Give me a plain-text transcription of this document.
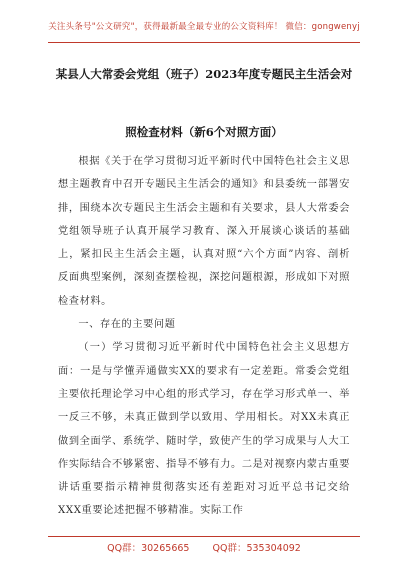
关注头条号"公文研究"，获得最新最全最专业的公文资料库！ 微信：gongwenyj
某县人大常委会党组（班子）2023年度专题民主生活会对
照检查材料（新6个对照方面）

根据《关于在学习贯彻习近平新时代中国特色社会主义思想主题教育中召开专题民主生活会的通知》和县委统一部署安排，围绕本次专题民主生活会主题和有关要求，县人大常委会党组领导班子认真开展学习教育、深入开展谈心谈话的基础上，紧扣民主生活会主题，认真对照“六个方面”内容、剖析反面典型案例，深刻查摆检视，深挖问题根源，形成如下对照检查材料。

一、存在的主要问题

（一）学习贯彻习近平新时代中国特色社会主义思想方面：一是与学懂弄通做实XX的要求有一定差距。常委会党组主要依托理论学习中心组的形式学习，存在学习形式单一、举一反三不够，未真正做到学以致用、学用相长。对XX未真正做到全面学、系统学、随时学，致使产生的学习成果与人大工作实际结合不够紧密、指导不够有力。二是对视察内蒙古重要讲话重要指示精神贯彻落实还有差距对习近平总书记交给XXX重要论述把握不够精准。实际工作

QQ群：30265665 QQ群：535304092
